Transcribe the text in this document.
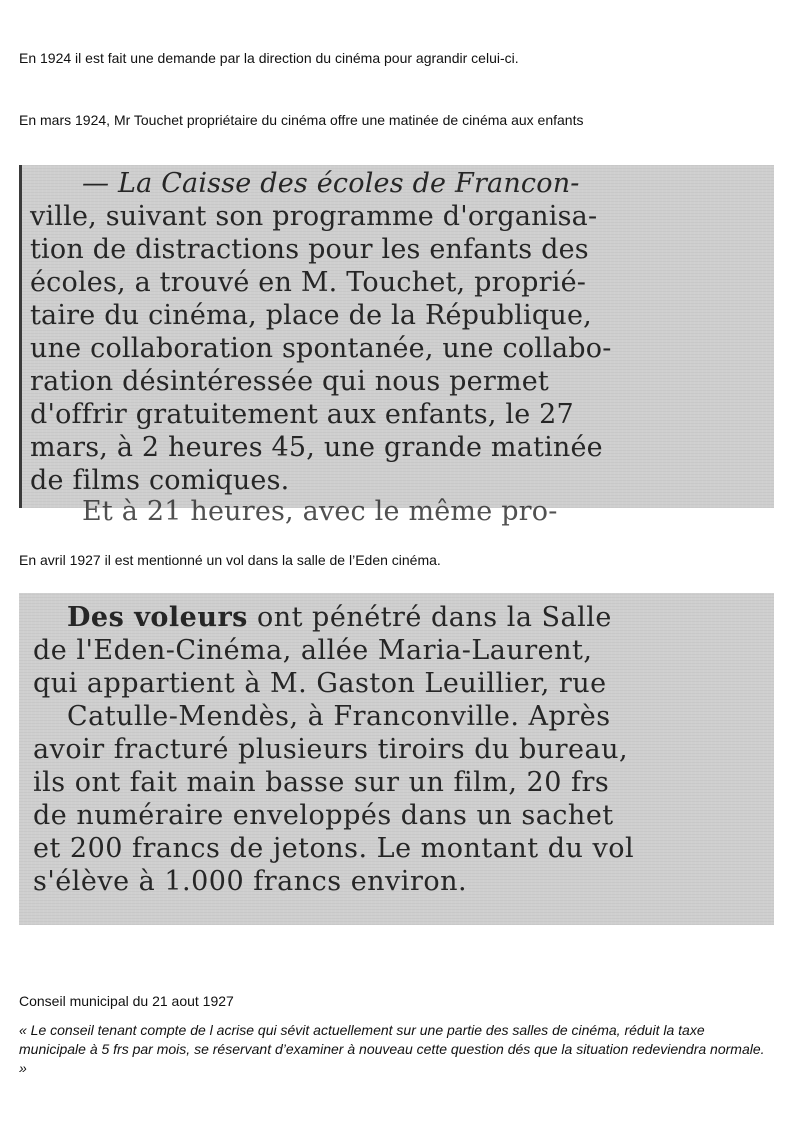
En 1924 il est fait une demande par la direction du cinéma pour agrandir celui-ci.
En mars 1924, Mr Touchet propriétaire du cinéma offre une matinée de cinéma aux enfants
— La Caisse des écoles de Francon-
ville, suivant son programme d'organisa-
tion de distractions pour les enfants des
écoles, a trouvé en M. Touchet, proprié-
taire du cinéma, place de la République,
une collaboration spontanée, une collabo-
ration désintéressée qui nous permet
d'offrir gratuitement aux enfants, le 27
mars, à 2 heures 45, une grande matinée
de films comiques.
Et à 21 heures, avec le même pro-
En avril 1927 il est mentionné un vol dans la salle de l’Eden cinéma.
Des voleurs ont pénétré dans la Salle
de l'Eden-Cinéma, allée Maria-Laurent,
qui appartient à M. Gaston Leuillier, rue
Catulle-Mendès, à Franconville. Après
avoir fracturé plusieurs tiroirs du bureau,
ils ont fait main basse sur un film, 20 frs
de numéraire enveloppés dans un sachet
et 200 francs de jetons. Le montant du vol
s'élève à 1.000 francs environ.
Conseil municipal du 21 aout 1927
« Le conseil tenant compte de l acrise qui sévit actuellement sur une partie des salles de cinéma, réduit la taxe municipale à 5 frs par mois, se réservant d’examiner à nouveau cette question dés que la situation redeviendra normale. »
